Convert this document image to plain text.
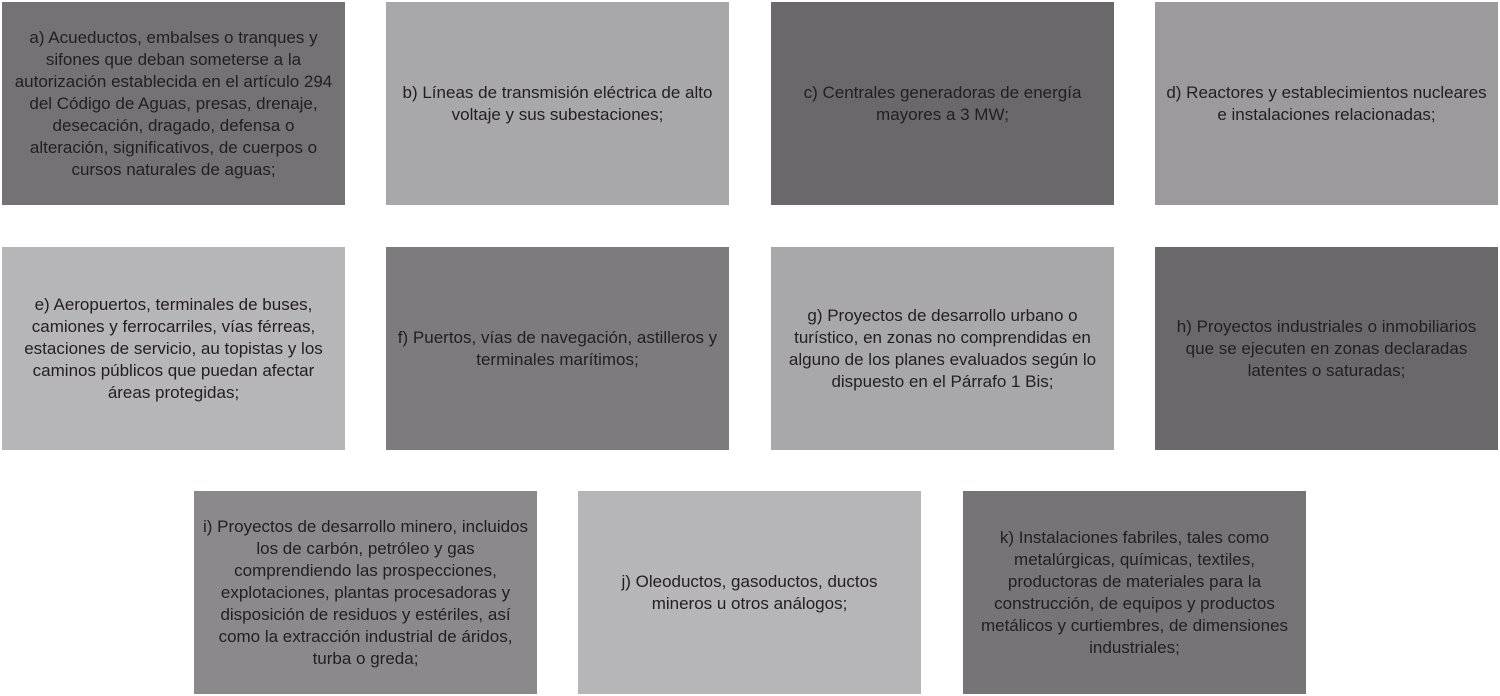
a) Acueductos, embalses o tranques y sifones que deban someterse a la autorización establecida en el artículo 294 del Código de Aguas, presas, drenaje, desecación, dragado, defensa o alteración, significativos, de cuerpos o cursos naturales de aguas;
b) Líneas de transmisión eléctrica de alto voltaje y sus subestaciones;
c) Centrales generadoras de energía mayores a 3 MW;
d) Reactores y establecimientos nucleares e instalaciones relacionadas;
e) Aeropuertos, terminales de buses, camiones y ferrocarriles, vías férreas, estaciones de servicio, au topistas y los caminos públicos que puedan afectar áreas protegidas;
f) Puertos, vías de navegación, astilleros y terminales marítimos;
g) Proyectos de desarrollo urbano o turístico, en zonas no comprendidas en alguno de los planes evaluados según lo dispuesto en el Párrafo 1 Bis;
h) Proyectos industriales o inmobiliarios que se ejecuten en zonas declaradas latentes o saturadas;
i) Proyectos de desarrollo minero, incluidos los de carbón, petróleo y gas comprendiendo las prospecciones, explotaciones, plantas procesadoras y disposición de residuos y estériles, así como la extracción industrial de áridos, turba o greda;
j) Oleoductos, gasoductos, ductos mineros u otros análogos;
k) Instalaciones fabriles, tales como metalúrgicas, químicas, textiles, productoras de materiales para la construcción, de equipos y productos metálicos y curtiembres, de dimensiones industriales;
